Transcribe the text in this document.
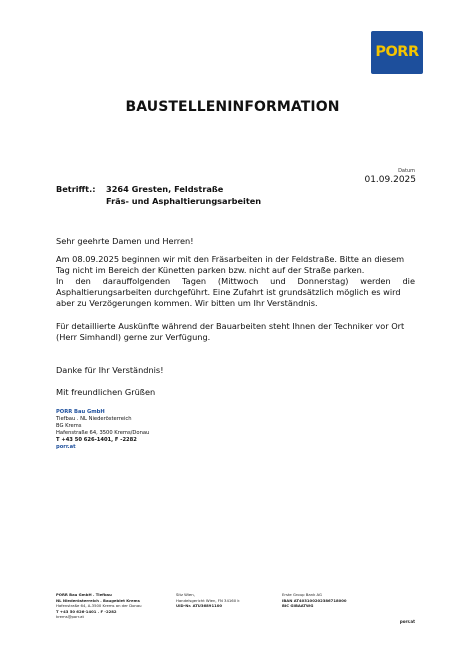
PORR
BAUSTELLENINFORMATION
Datum
01.09.2025
Betrifft.: 3264 Gresten, Feldstraße
Fräs- und Asphaltierungsarbeiten
Sehr geehrte Damen und Herren!
Am 08.09.2025 beginnen wir mit den Fräsarbeiten in der Feldstraße. Bitte an diesem
Tag nicht im Bereich der Künetten parken bzw. nicht auf der Straße parken.
In den darauffolgenden Tagen (Mittwoch und Donnerstag) werden die
Asphaltierungsarbeiten durchgeführt. Eine Zufahrt ist grundsätzlich möglich es wird
aber zu Verzögerungen kommen. Wir bitten um Ihr Verständnis.
Für detaillierte Auskünfte während der Bauarbeiten steht Ihnen der Techniker vor Ort
(Herr Simhandl) gerne zur Verfügung.
Danke für Ihr Verständnis!
Mit freundlichen Grüßen
PORR Bau GmbH
Tiefbau . NL Niederösterreich
BG Krems
Hafenstraße 64, 3500 Krems/Donau
T +43 50 626-1401, F -2282
porr.at
PORR Bau GmbH . Tiefbau
NL Niederösterreich . Baugebiet Krems
Hafenstraße 64, A-3500 Krems an der Donau
T +43 50 626-1401 . F -2282
krems@porr.at
Sitz Wien,
Handelsgericht Wien, FN 34160 k
UID-Nr. ATU36891100
Erste Group Bank AG
IBAN AT403100202386718000
BIC GIBAATWG
porr.at
